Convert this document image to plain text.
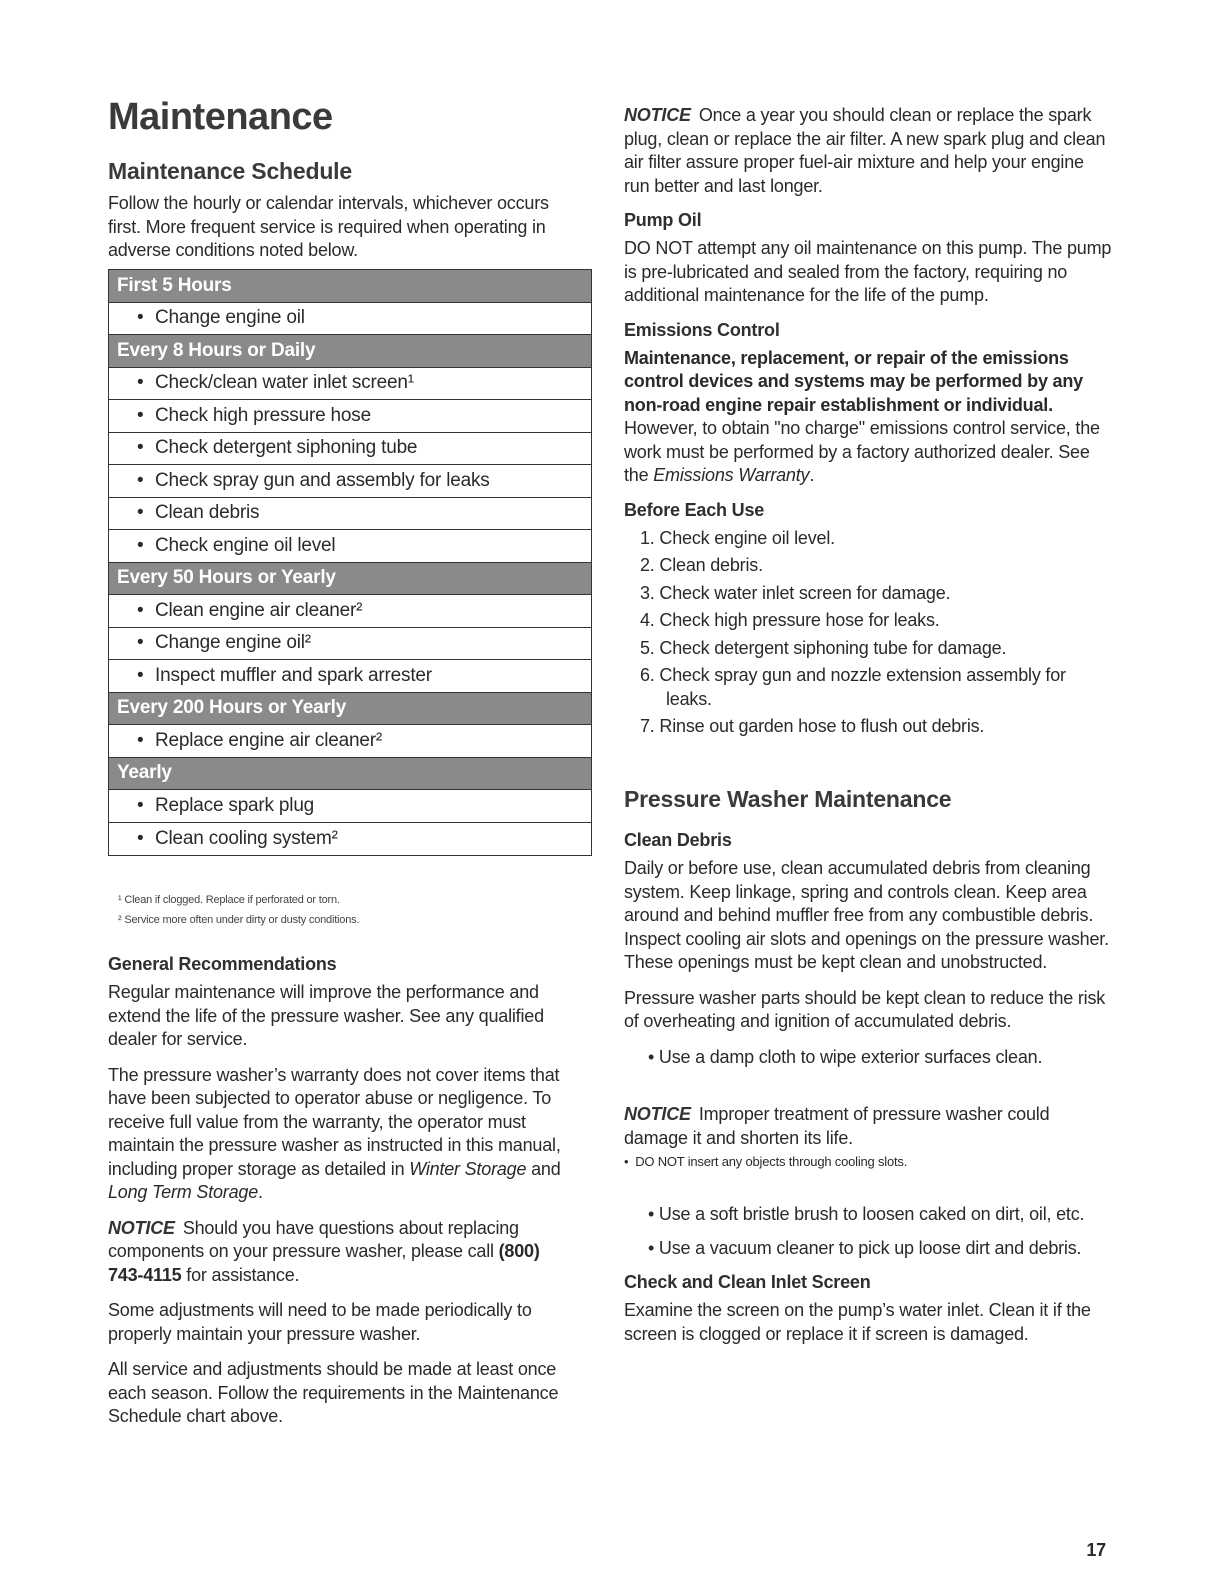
Maintenance
Maintenance Schedule

Follow the hourly or calendar intervals, whichever occurs first. More frequent service is required when operating in adverse conditions noted below.

First 5 Hours
• Change engine oil
Every 8 Hours or Daily
• Check/clean water inlet screen¹
• Check high pressure hose
• Check detergent siphoning tube
• Check spray gun and assembly for leaks
• Clean debris
• Check engine oil level
Every 50 Hours or Yearly
• Clean engine air cleaner²
• Change engine oil²
• Inspect muffler and spark arrester
Every 200 Hours or Yearly
• Replace engine air cleaner²
Yearly
• Replace spark plug
• Clean cooling system²
¹ Clean if clogged. Replace if perforated or torn.
² Service more often under dirty or dusty conditions.
General Recommendations

Regular maintenance will improve the performance and extend the life of the pressure washer. See any qualified dealer for service.

The pressure washer’s warranty does not cover items that have been subjected to operator abuse or negligence. To receive full value from the warranty, the operator must maintain the pressure washer as instructed in this manual, including proper storage as detailed in Winter Storage and Long Term Storage.

NOTICE Should you have questions about replacing components on your pressure washer, please call (800) 743-4115 for assistance.

Some adjustments will need to be made periodically to properly maintain your pressure washer.

All service and adjustments should be made at least once each season. Follow the requirements in the Maintenance Schedule chart above.

NOTICE Once a year you should clean or replace the spark plug, clean or replace the air filter. A new spark plug and clean air filter assure proper fuel-air mixture and help your engine run better and last longer.

Pump Oil

DO NOT attempt any oil maintenance on this pump. The pump is pre-lubricated and sealed from the factory, requiring no additional maintenance for the life of the pump.

Emissions Control

Maintenance, replacement, or repair of the emissions control devices and systems may be performed by any non-road engine repair establishment or individual.

However, to obtain "no charge" emissions control service, the work must be performed by a factory authorized dealer. See the Emissions Warranty.

Before Each Use
1. Check engine oil level.
2. Clean debris.
3. Check water inlet screen for damage.
4. Check high pressure hose for leaks.
5. Check detergent siphoning tube for damage.
6. Check spray gun and nozzle extension assembly for leaks.
7. Rinse out garden hose to flush out debris.
Pressure Washer Maintenance
Clean Debris

Daily or before use, clean accumulated debris from cleaning system. Keep linkage, spring and controls clean. Keep area around and behind muffler free from any combustible debris. Inspect cooling air slots and openings on the pressure washer. These openings must be kept clean and unobstructed.

Pressure washer parts should be kept clean to reduce the risk of overheating and ignition of accumulated debris.

• Use a damp cloth to wipe exterior surfaces clean.

NOTICE Improper treatment of pressure washer could damage it and shorten its life.

•  DO NOT insert any objects through cooling slots.
• Use a soft bristle brush to loosen caked on dirt, oil, etc.
• Use a vacuum cleaner to pick up loose dirt and debris.
Check and Clean Inlet Screen

Examine the screen on the pump’s water inlet. Clean it if the screen is clogged or replace it if screen is damaged.

17
